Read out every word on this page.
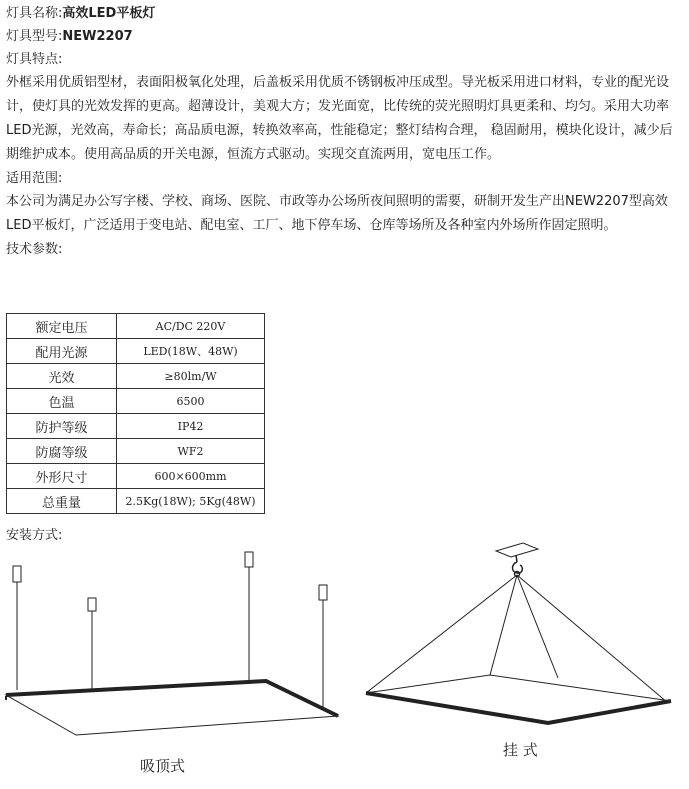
灯具名称:高效LED平板灯
灯具型号:NEW2207
灯具特点:

外框采用优质铝型材，表面阳极氧化处理，后盖板采用优质不锈钢板冲压成型。导光板采用进口材料，专业的配光设计，使灯具的光效发挥的更高。超薄设计，美观大方；发光面宽，比传统的荧光照明灯具更柔和、均匀。采用大功率LED光源，光效高，寿命长；高品质电源，转换效率高，性能稳定；整灯结构合理， 稳固耐用，模块化设计，减少后期维护成本。使用高品质的开关电源，恒流方式驱动。实现交直流两用，宽电压工作。

适用范围:

本公司为满足办公写字楼、学校、商场、医院、市政等办公场所夜间照明的需要，研制开发生产出NEW2207型高效LED平板灯，广泛适用于变电站、配电室、工厂、地下停车场、仓库等场所及各种室内外场所作固定照明。

技术参数:
额定电压	AC/DC 220V
配用光源	LED(18W、48W)
光效	≥80lm/W
色温	6500
防护等级	IP42
防腐等级	WF2
外形尺寸	600×600mm
总重量	2.5Kg(18W); 5Kg(48W)
安装方式:
吸顶式
挂 式
